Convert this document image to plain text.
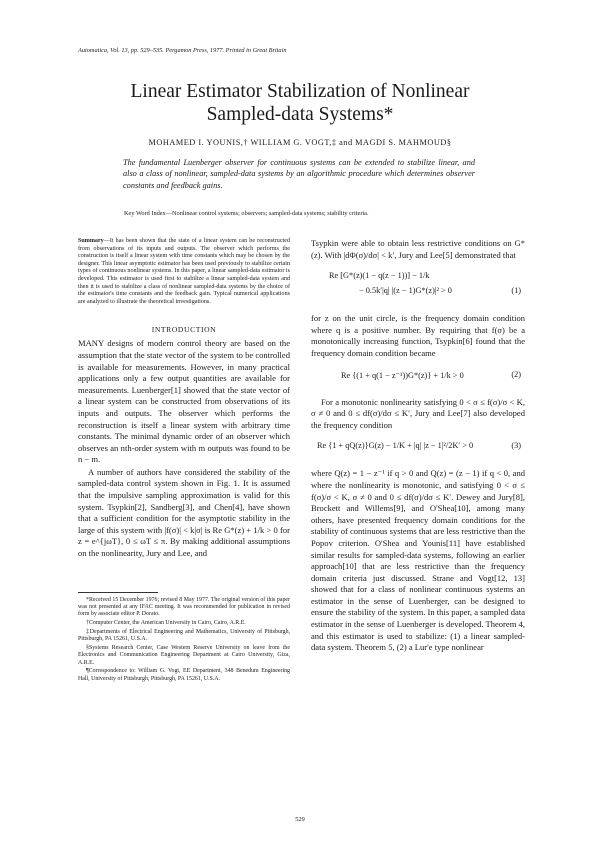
Automatica, Vol. 13, pp. 529–535. Pergamon Press, 1977. Printed in Great Britain
Linear Estimator Stabilization of Nonlinear
Sampled-data Systems*
MOHAMED I. YOUNIS,† WILLIAM G. VOGT,‡ and MAGDI S. MAHMOUD§
The fundamental Luenberger observer for continuous systems can be extended to stabilize linear, and also a class of nonlinear, sampled-data systems by an algorithmic procedure which determines observer constants and feedback gains.
Key Word Index—Nonlinear control systems; observers; sampled-data systems; stability criteria.

Summary—It has been shown that the state of a linear system can be reconstructed from observations of its inputs and outputs. The observer which performs the construction is itself a linear system with time constants which may be chosen by the designer. This linear asymptotic estimator has been used previously to stabilize certain types of continuous nonlinear systems. In this paper, a linear sampled-data estimator is developed. This estimator is used first to stabilize a linear sampled-data system and then it is used to stabilize a class of nonlinear sampled-data systems by the choice of the estimator's time constants and the feedback gain. Typical numerical applications are analyzed to illustrate the theoretical investigations.

INTRODUCTION

MANY designs of modern control theory are based on the assumption that the state vector of the system to be controlled is available for measurements. However, in many practical applications only a few output quantities are available for measurements. Luenberger[1] showed that the state vector of a linear system can be constructed from observations of its inputs and outputs. The observer which performs the reconstruction is itself a linear system with arbitrary time constants. The minimal dynamic order of an observer which observes an nth-order system with m outputs was found to be n − m.

A number of authors have considered the stability of the sampled-data control system shown in Fig. 1. It is assumed that the impulsive sampling approximation is valid for this system. Tsypkin[2], Sandberg[3], and Chen[4], have shown that a sufficient condition for the asymptotic stability in the large of this system with |f(σ)| < k|σ| is Re G*(z) + 1/k > 0 for z = e^{jωT}, 0 ≤ ωT ≤ π. By making additional assumptions on the nonlinearity, Jury and Lee, and

*Received 15 December 1976; revised 8 May 1977. The original version of this paper was not presented at any IFAC meeting. It was recommended for publication in revised form by associate editor P. Dorato.

†Computer Center, the American University in Cairo, Cairo, A.R.E.

‡Departments of Electrical Engineering and Mathematics, University of Pittsburgh, Pittsburgh, PA 15261, U.S.A.

§Systems Research Center, Case Western Reserve University on leave from the Electronics and Communication Engineering Department at Cairo University, Giza, A.R.E.

¶Correspondence to: William G. Vogt, EE Department, 348 Benedum Engineering Hall, University of Pittsburgh, Pittsburgh, PA 15261, U.S.A.

Tsypkin were able to obtain less restrictive conditions on G*(z). With |dΦ(σ)/dσ| < k′, Jury and Lee[5] demonstrated that

Re [G*(z)(1 − q(z − 1))] − 1/k
− 0.5k′|q| |(z − 1)G*(z)|² > 0	(1)

for z on the unit circle, is the frequency domain condition where q is a positive number. By requiring that f(σ) be a monotonically increasing function, Tsypkin[6] found that the frequency domain condition became

Re {(1 + q(1 − z⁻¹))G*(z)} + 1/k > 0	(2)

For a monotonic nonlinearity satisfying 0 < σ ≤ f(σ)/σ < K, σ ≠ 0 and 0 ≤ df(σ)/dσ ≤ K′, Jury and Lee[7] also developed the frequency condition

Re {1 + qQ(z)}G(z) − 1/K + |q| |z − 1|²/2K′ > 0	(3)

where Q(z) = 1 − z⁻¹ if q > 0 and Q(z) = (z − 1) if q < 0, and where the nonlinearity is monotonic, and satisfying 0 < σ ≤ f(σ)/σ < K, σ ≠ 0 and 0 ≤ df(σ)/dσ ≤ K′. Dewey and Jury[8], Brockett and Willems[9], and O'Shea[10], among many others, have presented frequency domain conditions for the stability of continuous systems that are less restrictive than the Popov criterion. O'Shea and Younis[11] have established similar results for sampled-data systems, following an earlier approach[10] that are less restrictive than the frequency domain criteria just discussed. Strane and Vogt[12, 13] showed that for a class of nonlinear continuous systems an estimator in the sense of Luenberger, can be designed to ensure the stability of the system. In this paper, a sampled data estimator in the sense of Luenberger is developed. Theorem 4, and this estimator is used to stabilize: (1) a linear sampled-data system. Theorem 5, (2) a Lur'e type nonlinear

529
